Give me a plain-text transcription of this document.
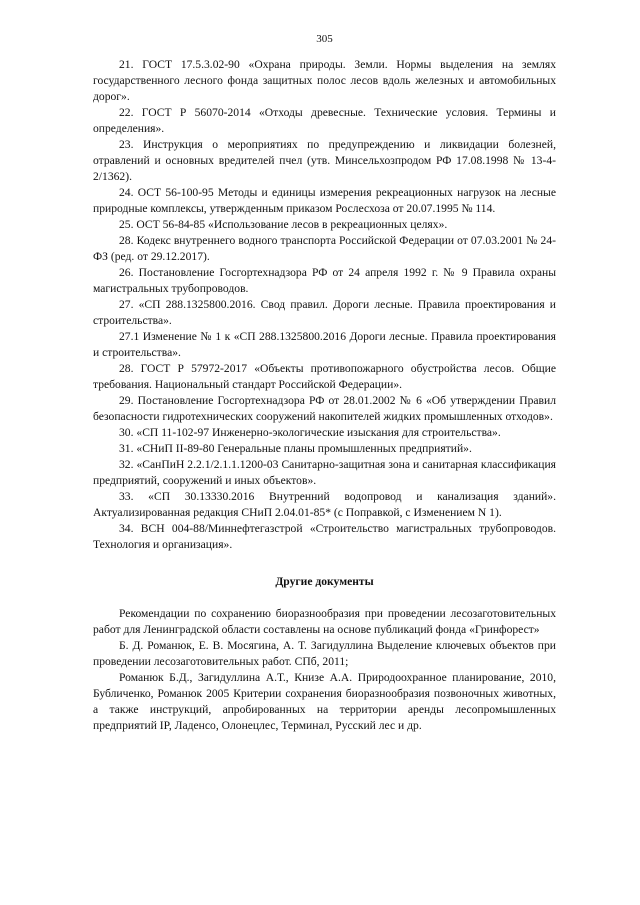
305

21. ГОСТ 17.5.3.02-90 «Охрана природы. Земли. Нормы выделения на землях государственного лесного фонда защитных полос лесов вдоль железных и автомобильных дорог».

22. ГОСТ Р 56070-2014 «Отходы древесные. Технические условия. Термины и определения».

23. Инструкция о мероприятиях по предупреждению и ликвидации болезней, отравлений и основных вредителей пчел (утв. Минсельхозпродом РФ 17.08.1998 № 13-4-2/1362).

24. ОСТ 56-100-95 Методы и единицы измерения рекреационных нагрузок на лесные природные комплексы, утвержденным приказом Рослесхоза от 20.07.1995 № 114.

25. ОСТ 56-84-85 «Использование лесов в рекреационных целях».

28. Кодекс внутреннего водного транспорта Российской Федерации от 07.03.2001 № 24-ФЗ (ред. от 29.12.2017).

26. Постановление Госгортехнадзора РФ от 24 апреля 1992 г. № 9 Правила охраны магистральных трубопроводов.

27. «СП 288.1325800.2016. Свод правил. Дороги лесные. Правила проектирования и строительства».

27.1 Изменение № 1 к «СП 288.1325800.2016 Дороги лесные. Правила проектирования и строительства».

28. ГОСТ Р 57972-2017 «Объекты противопожарного обустройства лесов. Общие требования. Национальный стандарт Российской Федерации».

29. Постановление Госгортехнадзора РФ от 28.01.2002 № 6 «Об утверждении Правил безопасности гидротехнических сооружений накопителей жидких промышленных отходов».

30. «СП 11-102-97 Инженерно-экологические изыскания для строительства».

31. «СНиП II-89-80 Генеральные планы промышленных предприятий».

32. «СанПиН 2.2.1/2.1.1.1200-03 Санитарно-защитная зона и санитарная классификация предприятий, сооружений и иных объектов».

33. «СП 30.13330.2016 Внутренний водопровод и канализация зданий». Актуализированная редакция СНиП 2.04.01-85* (с Поправкой, с Изменением N 1).

34. ВСН 004-88/Миннефтегазстрой «Строительство магистральных трубопроводов. Технология и организация».

Другие документы

Рекомендации по сохранению биоразнообразия при проведении лесозаготовительных работ для Ленинградской области составлены на основе публикаций фонда «Гринфорест»

Б. Д. Романюк, Е. В. Мосягина, А. Т. Загидуллина Выделение ключевых объектов при проведении лесозаготовительных работ. СПб, 2011;

Романюк Б.Д., Загидуллина А.Т., Книзе А.А. Природоохранное планирование, 2010, Бубличенко, Романюк 2005 Критерии сохранения биоразнообразия позвоночных животных, а также инструкций, апробированных на территории аренды лесопромышленных предприятий IP, Ладенсо, Олонецлес, Терминал, Русский лес и др.
